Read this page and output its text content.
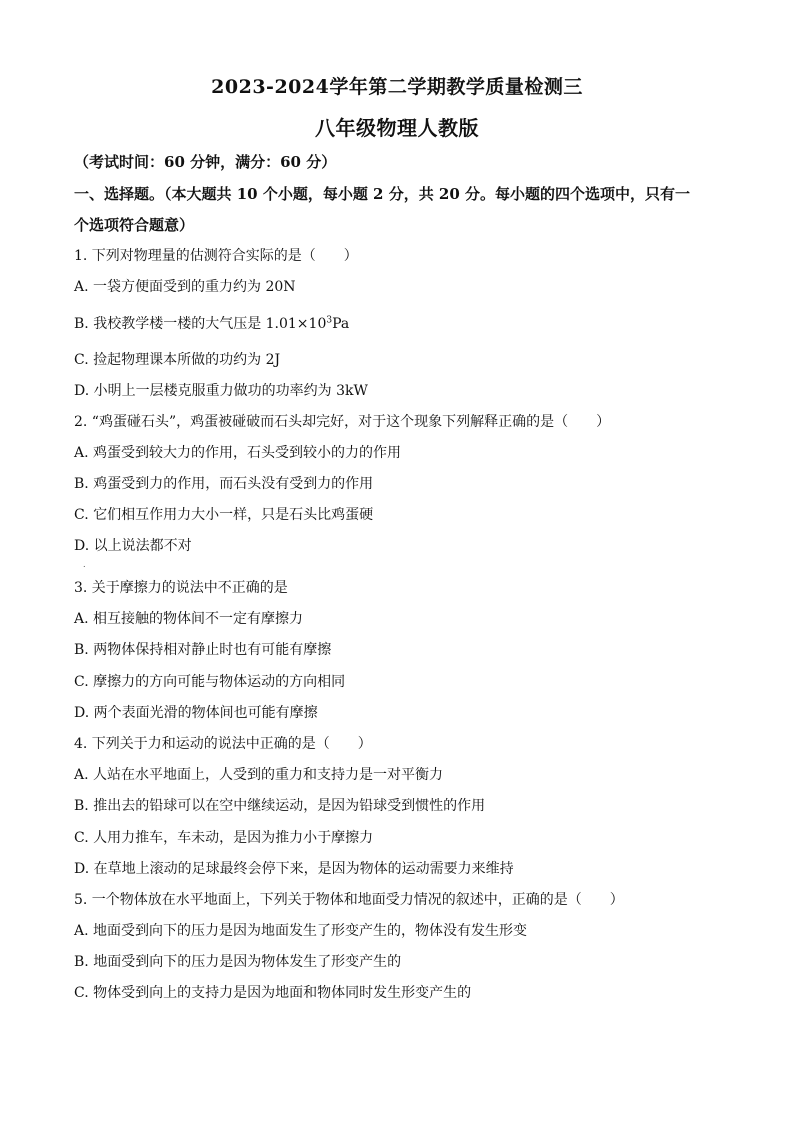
2023-2024学年第二学期教学质量检测三
八年级物理人教版
（考试时间：60 分钟，满分：60 分）
一、选择题。（本大题共 10 个小题，每小题 2 分，共 20 分。每小题的四个选项中，只有一
个选项符合题意）
1. 下列对物理量的估测符合实际的是（　　）
A. 一袋方便面受到的重力约为 20N
B. 我校教学楼一楼的大气压是 $1.01\times 10^3Pa$
C. 捡起物理课本所做的功约为 2J
D. 小明上一层楼克服重力做功的功率约为 3kW
2. “鸡蛋碰石头”，鸡蛋被碰破而石头却完好，对于这个现象下列解释正确的是（　　）
A. 鸡蛋受到较大力的作用，石头受到较小的力的作用
B. 鸡蛋受到力的作用，而石头没有受到力的作用
C. 它们相互作用力大小一样，只是石头比鸡蛋硬
D. 以上说法都不对
.
3. 关于摩擦力的说法中不正确的是
A. 相互接触的物体间不一定有摩擦力
B. 两物体保持相对静止时也有可能有摩擦
C. 摩擦力的方向可能与物体运动的方向相同
D. 两个表面光滑的物体间也可能有摩擦
4. 下列关于力和运动的说法中正确的是（　　）
A. 人站在水平地面上，人受到的重力和支持力是一对平衡力
B. 推出去的铅球可以在空中继续运动，是因为铅球受到惯性的作用
C. 人用力推车，车未动，是因为推力小于摩擦力
D. 在草地上滚动的足球最终会停下来，是因为物体的运动需要力来维持
5. 一个物体放在水平地面上，下列关于物体和地面受力情况的叙述中，正确的是（　　）
A. 地面受到向下的压力是因为地面发生了形变产生的，物体没有发生形变
B. 地面受到向下的压力是因为物体发生了形变产生的
C. 物体受到向上的支持力是因为地面和物体同时发生形变产生的
